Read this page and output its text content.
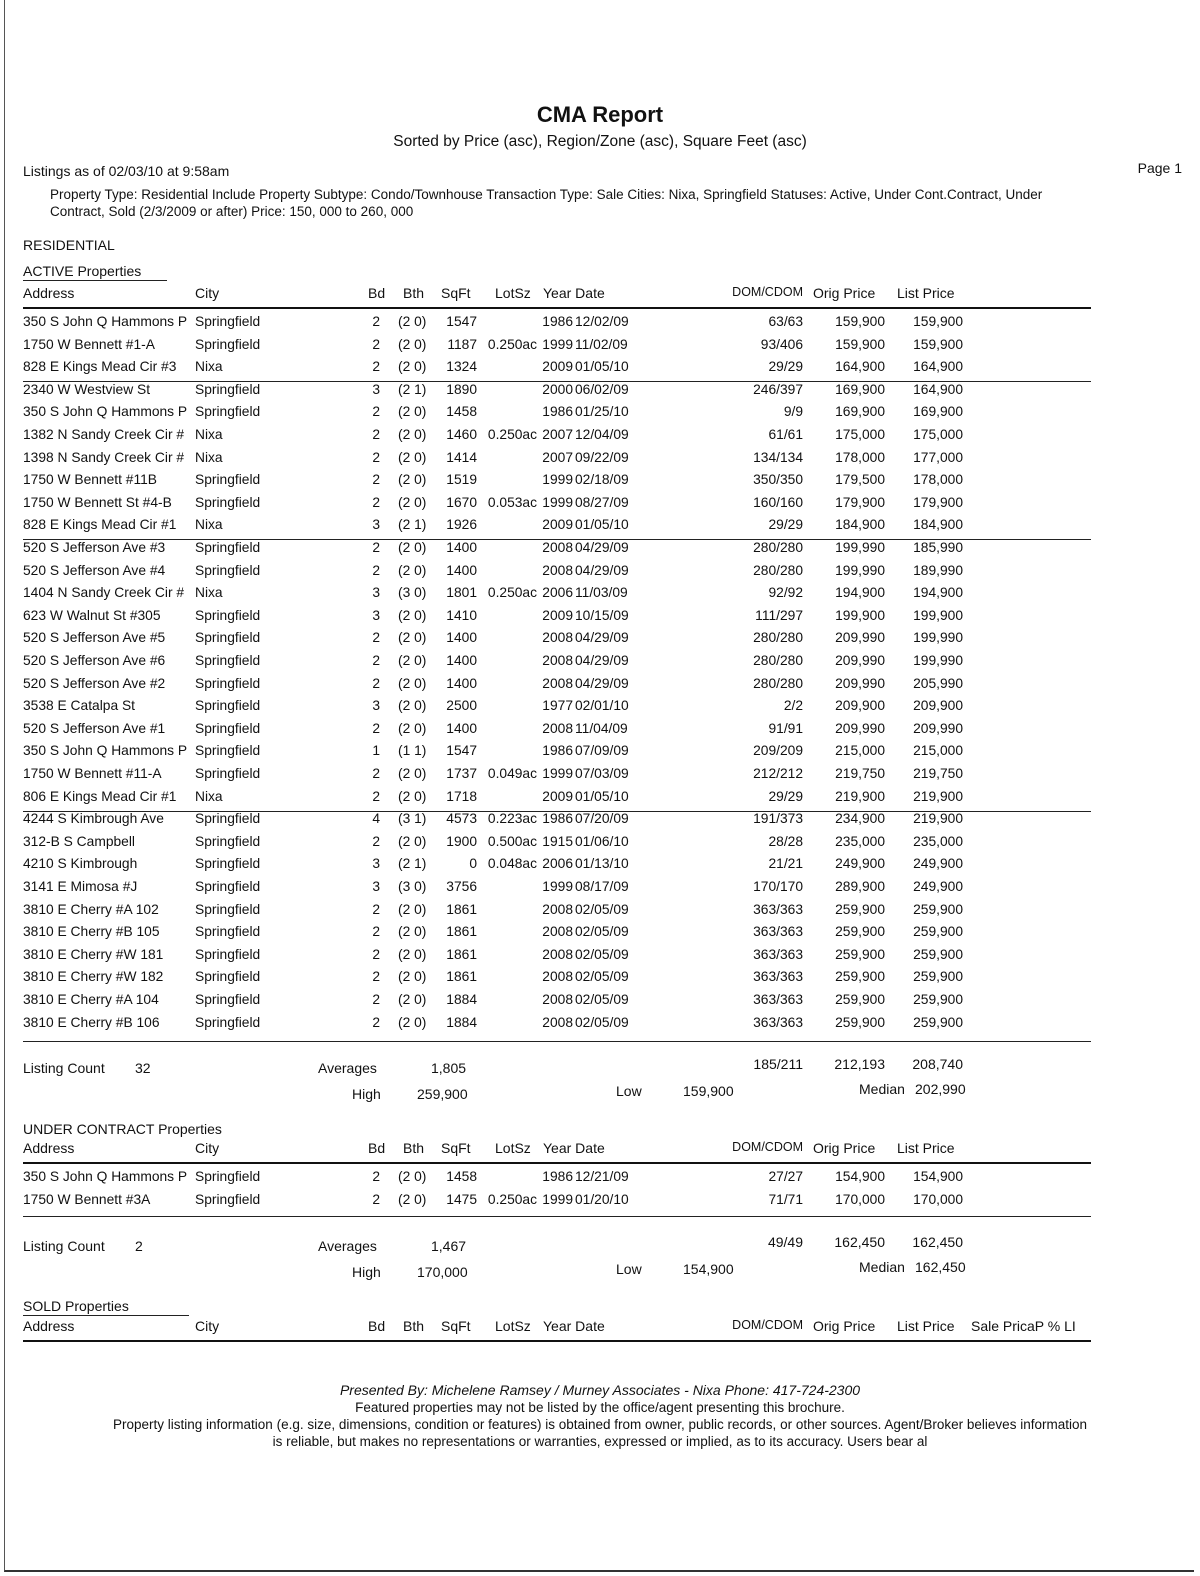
CMA Report
Sorted by Price (asc), Region/Zone (asc), Square Feet (asc)
Listings as of 02/03/10 at 9:58am	Page 1
Property Type: Residential Include Property Subtype: Condo/Townhouse Transaction Type: Sale Cities: Nixa, Springfield Statuses: Active, Under Cont.Contract, Under Contract, Sold (2/3/2009 or after) Price: 150, 000 to 260, 000
RESIDENTIAL
ACTIVE Properties
Address	City	Bd Bth SqFt LotSz Year Date	DOM/CDOM Orig Price List Price
350 S John Q Hammons P Springfield	2 (2 0)	1547	1986 12/02/09	63/63	159,900	159,900
1750 W Bennett #1-A	Springfield	2 (2 0)	1187 0.250ac 1999 11/02/09	93/406	159,900	159,900
828 E Kings Mead Cir #3	Nixa	2 (2 0)	1324	2009 01/05/10	29/29	164,900	164,900
2340 W Westview St	Springfield	3 (2 1)	1890	2000 06/02/09	246/397	169,900	164,900
350 S John Q Hammons P Springfield	2 (2 0)	1458	1986 01/25/10	9/9	169,900	169,900
1382 N Sandy Creek Cir # Nixa	2 (2 0)	1460 0.250ac 2007 12/04/09	61/61	175,000	175,000
1398 N Sandy Creek Cir # Nixa	2 (2 0)	1414	2007 09/22/09	134/134	178,000	177,000
1750 W Bennett #11B	Springfield	2 (2 0)	1519	1999 02/18/09	350/350	179,500	178,000
1750 W Bennett St #4-B	Springfield	2 (2 0)	1670 0.053ac 1999 08/27/09	160/160	179,900	179,900
828 E Kings Mead Cir #1	Nixa	3 (2 1)	1926	2009 01/05/10	29/29	184,900	184,900
520 S Jefferson Ave #3	Springfield	2 (2 0)	1400	2008 04/29/09	280/280	199,990	185,990
520 S Jefferson Ave #4	Springfield	2 (2 0)	1400	2008 04/29/09	280/280	199,990	189,990
1404 N Sandy Creek Cir # Nixa	3 (3 0)	1801 0.250ac 2006 11/03/09	92/92	194,900	194,900
623 W Walnut St #305	Springfield	3 (2 0)	1410	2009 10/15/09	111/297	199,900	199,900
520 S Jefferson Ave #5	Springfield	2 (2 0)	1400	2008 04/29/09	280/280	209,990	199,990
520 S Jefferson Ave #6	Springfield	2 (2 0)	1400	2008 04/29/09	280/280	209,990	199,990
520 S Jefferson Ave #2	Springfield	2 (2 0)	1400	2008 04/29/09	280/280	209,990	205,990
3538 E Catalpa St	Springfield	3 (2 0)	2500	1977 02/01/10	2/2	209,900	209,900
520 S Jefferson Ave #1	Springfield	2 (2 0)	1400	2008 11/04/09	91/91	209,990	209,990
350 S John Q Hammons P Springfield	1 (1 1)	1547	1986 07/09/09	209/209	215,000	215,000
1750 W Bennett #11-A	Springfield	2 (2 0)	1737 0.049ac 1999 07/03/09	212/212	219,750	219,750
806 E Kings Mead Cir #1	Nixa	2 (2 0)	1718	2009 01/05/10	29/29	219,900	219,900
4244 S Kimbrough Ave	Springfield	4 (3 1)	4573 0.223ac 1986 07/20/09	191/373	234,900	219,900
312-B S Campbell	Springfield	2 (2 0)	1900 0.500ac 1915 01/06/10	28/28	235,000	235,000
4210 S Kimbrough	Springfield	3 (2 1)	0 0.048ac 2006 01/13/10	21/21	249,900	249,900
3141 E Mimosa #J	Springfield	3 (3 0)	3756	1999 08/17/09	170/170	289,900	249,900
3810 E Cherry #A 102	Springfield	2 (2 0)	1861	2008 02/05/09	363/363	259,900	259,900
3810 E Cherry #B 105	Springfield	2 (2 0)	1861	2008 02/05/09	363/363	259,900	259,900
3810 E Cherry #W 181	Springfield	2 (2 0)	1861	2008 02/05/09	363/363	259,900	259,900
3810 E Cherry #W 182	Springfield	2 (2 0)	1861	2008 02/05/09	363/363	259,900	259,900
3810 E Cherry #A 104	Springfield	2 (2 0)	1884	2008 02/05/09	363/363	259,900	259,900
3810 E Cherry #B 106	Springfield	2 (2 0)	1884	2008 02/05/09	363/363	259,900	259,900
Listing Count 32	Averages	1,805	185/211	212,193	208,740
High	259,900	Low	159,900	Median 202,990
UNDER CONTRACT Properties
Address	City	Bd Bth SqFt LotSz Year Date	DOM/CDOM Orig Price List Price
350 S John Q Hammons P Springfield	2 (2 0)	1458	1986 12/21/09	27/27	154,900	154,900
1750 W Bennett #3A	Springfield	2 (2 0)	1475 0.250ac 1999 01/20/10	71/71	170,000	170,000
Listing Count 2	Averages	1,467	49/49	162,450	162,450
High	170,000	Low	154,900	Median 162,450
SOLD Properties
Address	City	Bd Bth SqFt LotSz Year Date	DOM/CDOM Orig Price List Price Sale PricaP % LI
Presented By: Michelene Ramsey / Murney Associates - Nixa Phone: 417-724-2300
Featured properties may not be listed by the office/agent presenting this brochure.
Property listing information (e.g. size, dimensions, condition or features) is obtained from owner, public records, or other sources. Agent/Broker believes information
is reliable, but makes no representations or warranties, expressed or implied, as to its accuracy. Users bear al
